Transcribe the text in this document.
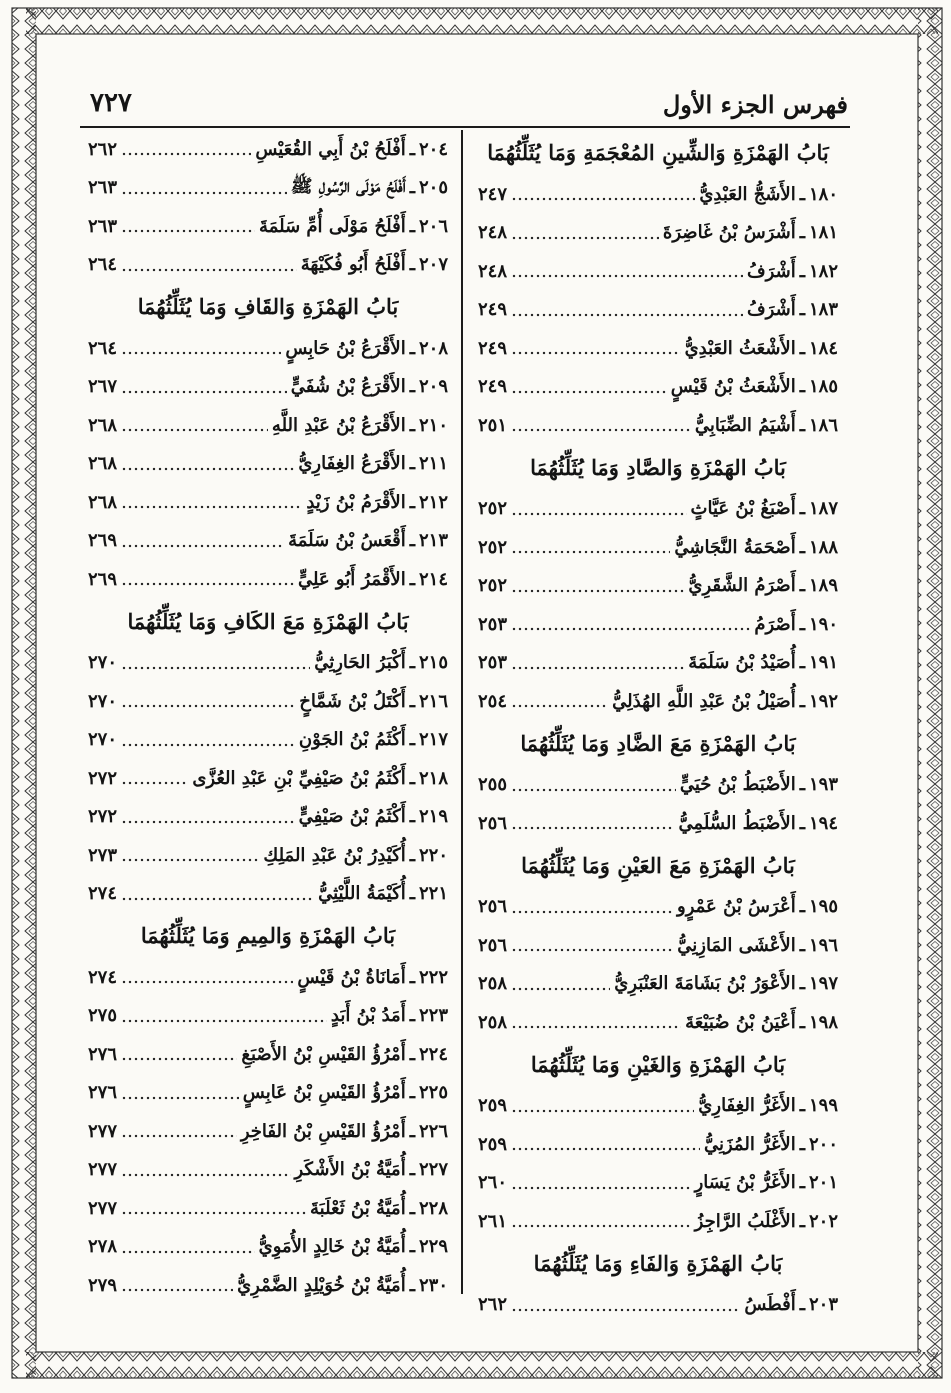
فهرس الجزء الأول
٧٢٧
بَابُ الهَمْزَةِ وَالشِّينِ المُعْجَمَةِ وَمَا يُثَلِّثُهُمَا
١٨٠
ـ
الأَشَجُّ العَبْدِيُّ
٢٤٧
١٨١
ـ
أَشْرَسُ بْنُ غَاضِرَةَ
٢٤٨
١٨٢
ـ
أَشْرَفُ
٢٤٨
١٨٣
ـ
أَشْرَفُ
٢٤٩
١٨٤
ـ
الأَشْعَثُ العَبْدِيُّ
٢٤٩
١٨٥
ـ
الأَشْعَثُ بْنُ قَيْسٍ
٢٤٩
١٨٦
ـ
أَشْيَمُ الضِّبَابِيُّ
٢٥١
بَابُ الهَمْزَةِ وَالصَّادِ وَمَا يُثَلِّثُهُمَا
١٨٧
ـ
أَصْبَغُ بْنُ عَيَّاثٍ
٢٥٢
١٨٨
ـ
أَصْحَمَةُ النَّجَاشِيُّ
٢٥٢
١٨٩
ـ
أَصْرَمُ الشَّقَرِيُّ
٢٥٢
١٩٠
ـ
أَصْرَمُ
٢٥٣
١٩١
ـ
أُصَيْدُ بْنُ سَلَمَةَ
٢٥٣
١٩٢
ـ
أُصَيْلُ بْنُ عَبْدِ اللَّهِ الهُذَلِيُّ
٢٥٤
بَابُ الهَمْزَةِ مَعَ الضَّادِ وَمَا يُثَلِّثُهُمَا
١٩٣
ـ
الأَضْبَطُ بْنُ حُيَيٍّ
٢٥٥
١٩٤
ـ
الأَضْبَطُ السُّلَمِيُّ
٢٥٦
بَابُ الهَمْزَةِ مَعَ العَيْنِ وَمَا يُثَلِّثُهُمَا
١٩٥
ـ
أَعْرَسُ بْنُ عَمْرٍو
٢٥٦
١٩٦
ـ
الأَعْشَى المَازِنِيُّ
٢٥٦
١٩٧
ـ
الأَعْوَرُ بْنُ بَشَامَةَ العَنْبَرِيُّ
٢٥٨
١٩٨
ـ
أَعْيَنُ بْنُ ضُبَيْعَةَ
٢٥٨
بَابُ الهَمْزَةِ وَالغَيْنِ وَمَا يُثَلِّثُهُمَا
١٩٩
ـ
الأَغَرُّ الغِفَارِيُّ
٢٥٩
٢٠٠
ـ
الأَغَرُّ المُزَنِيُّ
٢٥٩
٢٠١
ـ
الأَغَرُّ بْنُ يَسَارٍ
٢٦٠
٢٠٢
ـ
الأَغْلَبُ الرَّاجِزُ
٢٦١
بَابُ الهَمْزَةِ وَالفَاءِ وَمَا يُثَلِّثُهُمَا
٢٠٣
ـ
أَفْطَسُ
٢٦٢
٢٠٤
ـ
أَفْلَحُ بْنُ أَبِي القُعَيْسِ
٢٦٢
٢٠٥
ـ
أَفْلَحُ مَوْلَى الرَّسُولِ ﷺ
٢٦٣
٢٠٦
ـ
أَفْلَحُ مَوْلَى أُمِّ سَلَمَةَ
٢٦٣
٢٠٧
ـ
أَفْلَحُ أَبُو فُكَيْهَةَ
٢٦٤
بَابُ الهَمْزَةِ وَالقَافِ وَمَا يُثَلِّثُهُمَا
٢٠٨
ـ
الأَقْرَعُ بْنُ حَابِسٍ
٢٦٤
٢٠٩
ـ
الأَقْرَعُ بْنُ شُفَيٍّ
٢٦٧
٢١٠
ـ
الأَقْرَعُ بْنُ عَبْدِ اللَّهِ
٢٦٨
٢١١
ـ
الأَقْرَعُ الغِفَارِيُّ
٢٦٨
٢١٢
ـ
الأَقْرَمُ بْنُ زَيْدٍ
٢٦٨
٢١٣
ـ
أَقْعَسُ بْنُ سَلَمَةَ
٢٦٩
٢١٤
ـ
الأَقْمَرُ أَبُو عَلِيٍّ
٢٦٩
بَابُ الهَمْزَةِ مَعَ الكَافِ وَمَا يُثَلِّثُهُمَا
٢١٥
ـ
أَكْبَرُ الحَارِثِيُّ
٢٧٠
٢١٦
ـ
أَكْتَلُ بْنُ شَمَّاخٍ
٢٧٠
٢١٧
ـ
أَكْثَمُ بْنُ الجَوْنِ
٢٧٠
٢١٨
ـ
أَكْثَمُ بْنُ صَيْفِيِّ بْنِ عَبْدِ العُزَّى
٢٧٢
٢١٩
ـ
أَكْثَمُ بْنُ صَيْفِيٍّ
٢٧٢
٢٢٠
ـ
أُكَيْدِرُ بْنُ عَبْدِ المَلِكِ
٢٧٣
٢٢١
ـ
أُكَيْمَةُ اللَّيْثِيُّ
٢٧٤
بَابُ الهَمْزَةِ وَالمِيمِ وَمَا يُثَلِّثُهُمَا
٢٢٢
ـ
أَمَانَاةُ بْنُ قَيْسٍ
٢٧٤
٢٢٣
ـ
أَمَدُ بْنُ أَبَدٍ
٢٧٥
٢٢٤
ـ
أَمْرُؤُ القَيْسِ بْنُ الأَصْبَغِ
٢٧٦
٢٢٥
ـ
أَمْرُؤُ القَيْسِ بْنُ عَابِسٍ
٢٧٦
٢٢٦
ـ
أَمْرُؤُ القَيْسِ بْنُ الفَاخِرِ
٢٧٧
٢٢٧
ـ
أُمَيَّةُ بْنُ الأَشْكَرِ
٢٧٧
٢٢٨
ـ
أُمَيَّةُ بْنُ ثَعْلَبَةَ
٢٧٧
٢٢٩
ـ
أُمَيَّةُ بْنُ خَالِدٍ الأُمَوِيُّ
٢٧٨
٢٣٠
ـ
أُمَيَّةُ بْنُ خُوَيْلِدٍ الضَّمْرِيُّ
٢٧٩
